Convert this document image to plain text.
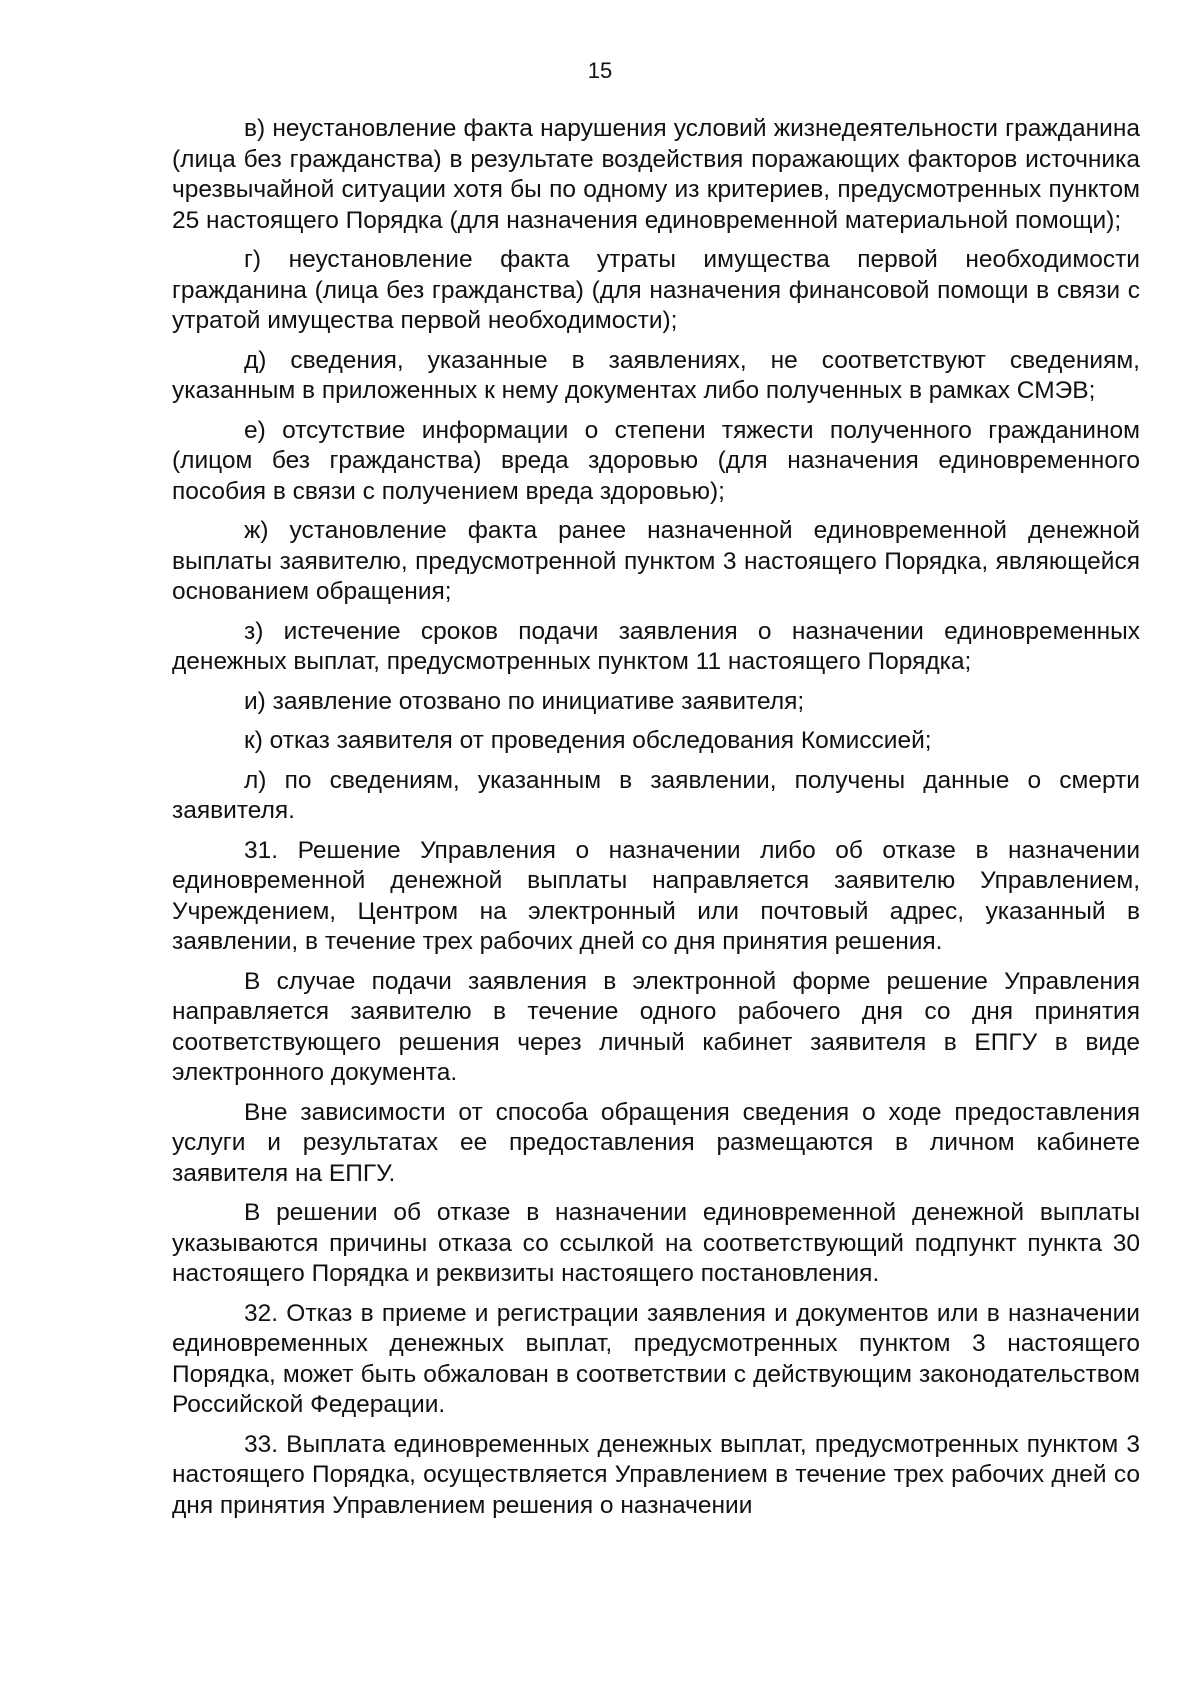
15

в) неустановление факта нарушения условий жизнедеятельности гражданина (лица без гражданства) в результате воздействия поражающих факторов источника чрезвычайной ситуации хотя бы по одному из критериев, предусмотренных пунктом 25 настоящего Порядка (для назначения единовременной материальной помощи);

г) неустановление факта утраты имущества первой необходимости гражданина (лица без гражданства) (для назначения финансовой помощи в связи с утратой имущества первой необходимости);

д) сведения, указанные в заявлениях, не соответствуют сведениям, указанным в приложенных к нему документах либо полученных в рамках СМЭВ;

е) отсутствие информации о степени тяжести полученного гражданином (лицом без гражданства) вреда здоровью (для назначения единовременного пособия в связи с получением вреда здоровью);

ж) установление факта ранее назначенной единовременной денежной выплаты заявителю, предусмотренной пунктом 3 настоящего Порядка, являющейся основанием обращения;

з) истечение сроков подачи заявления о назначении единовременных денежных выплат, предусмотренных пунктом 11 настоящего Порядка;

и) заявление отозвано по инициативе заявителя;

к) отказ заявителя от проведения обследования Комиссией;

л) по сведениям, указанным в заявлении, получены данные о смерти заявителя.

31. Решение Управления о назначении либо об отказе в назначении единовременной денежной выплаты направляется заявителю Управлением, Учреждением, Центром на электронный или почтовый адрес, указанный в заявлении, в течение трех рабочих дней со дня принятия решения.

В случае подачи заявления в электронной форме решение Управления направляется заявителю в течение одного рабочего дня со дня принятия соответствующего решения через личный кабинет заявителя в ЕПГУ в виде электронного документа.

Вне зависимости от способа обращения сведения о ходе предоставления услуги и результатах ее предоставления размещаются в личном кабинете заявителя на ЕПГУ.

В решении об отказе в назначении единовременной денежной выплаты указываются причины отказа со ссылкой на соответствующий подпункт пункта 30 настоящего Порядка и реквизиты настоящего постановления.

32. Отказ в приеме и регистрации заявления и документов или в назначении единовременных денежных выплат, предусмотренных пунктом 3 настоящего Порядка, может быть обжалован в соответствии с действующим законодательством Российской Федерации.

33. Выплата единовременных денежных выплат, предусмотренных пунктом 3 настоящего Порядка, осуществляется Управлением в течение трех рабочих дней со дня принятия Управлением решения о назначении
